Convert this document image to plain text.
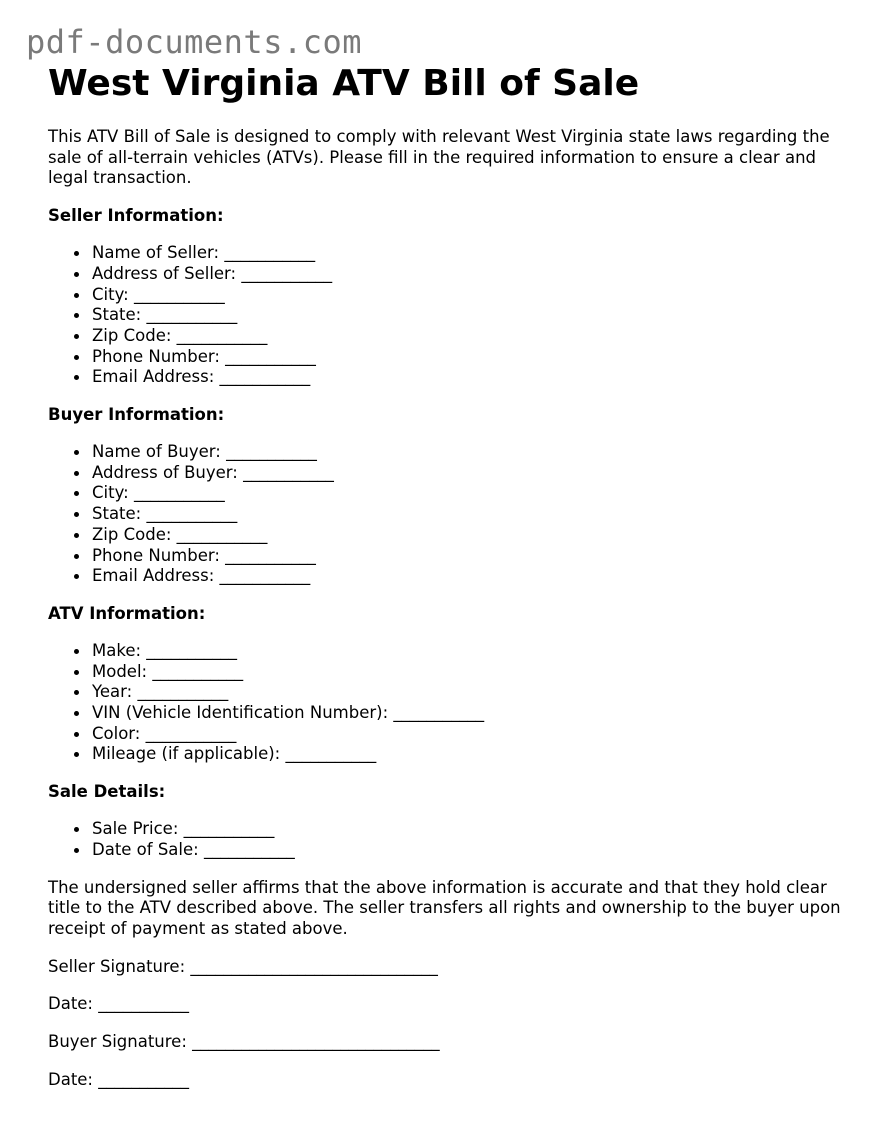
pdf-documents.com
West Virginia ATV Bill of Sale

This ATV Bill of Sale is designed to comply with relevant West Virginia state laws regarding the sale of all-terrain vehicles (ATVs). Please fill in the required information to ensure a clear and legal transaction.

Seller Information:
Name of Seller: ___________
Address of Seller: ___________
City: ___________
State: ___________
Zip Code: ___________
Phone Number: ___________
Email Address: ___________
Buyer Information:
Name of Buyer: ___________
Address of Buyer: ___________
City: ___________
State: ___________
Zip Code: ___________
Phone Number: ___________
Email Address: ___________
ATV Information:
Make: ___________
Model: ___________
Year: ___________
VIN (Vehicle Identification Number): ___________
Color: ___________
Mileage (if applicable): ___________
Sale Details:
Sale Price: ___________
Date of Sale: ___________

The undersigned seller affirms that the above information is accurate and that they hold clear title to the ATV described above. The seller transfers all rights and ownership to the buyer upon receipt of payment as stated above.

Seller Signature: ______________________________

Date: ___________

Buyer Signature: ______________________________

Date: ___________
